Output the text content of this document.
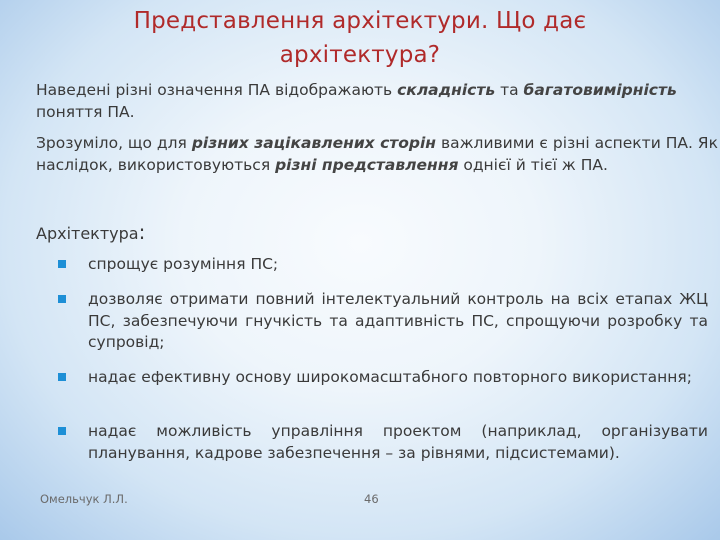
Представлення архітектури. Що дає архітектура?
Наведені різні означення ПА відображають складність та багатовимірність поняття ПА.
Зрозуміло, що для різних зацікавлених сторін важливими є різні аспекти ПА. Як наслідок, використовуються різні представлення однієї й тієї ж ПА.
Архітектура:
спрощує розуміння ПС;
дозволяє отримати повний інтелектуальний контроль на всіх етапах ЖЦ ПС, забезпечуючи гнучкість та адаптивність ПС, спрощуючи розробку та супровід;
надає ефективну основу широкомасштабного повторного використання;
надає можливість управління проектом (наприклад, організувати планування, кадрове забезпечення – за рівнями, підсистемами).
Омельчук Л.Л.	46
